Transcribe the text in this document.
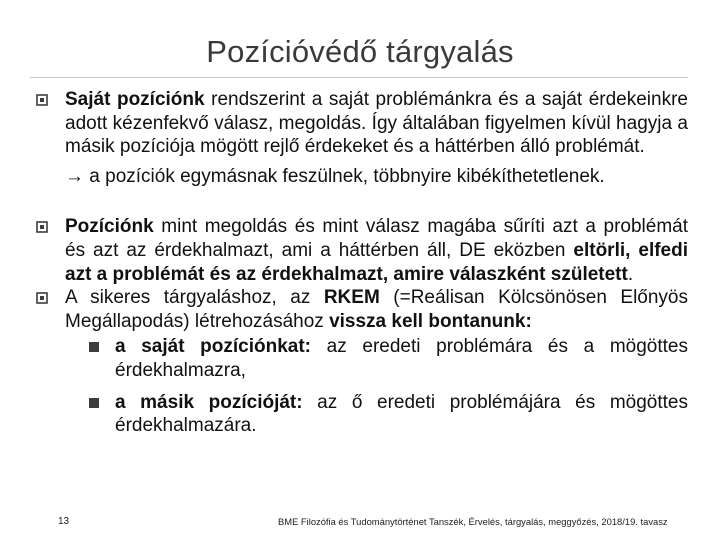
Pozícióvédő tárgyalás
Saját pozíciónk rendszerint a saját problémánkra és a saját érdekeinkre adott kézenfekvő válasz, megoldás. Így általában figyelmen kívül hagyja a másik pozíciója mögött rejlő érdekeket és a háttérben álló problémát.
→ a pozíciók egymásnak feszülnek, többnyire kibékíthetetlenek.
Pozíciónk mint megoldás és mint válasz magába sűríti azt a problémát és azt az érdekhalmazt, ami a háttérben áll, DE eközben eltörli, elfedi azt a problémát és az érdekhalmazt, amire válaszként született.
A sikeres tárgyaláshoz, az RKEM (=Reálisan Kölcsönösen Előnyös Megállapodás) létrehozásához vissza kell bontanunk:
a saját pozíciónkat: az eredeti problémára és a mögöttes érdekhalmazra,
a másik pozícióját: az ő eredeti problémájára és mögöttes érdekhalmazára.
13	BME Filozófia és Tudománytörténet Tanszék, Érvelés, tárgyalás, meggyőzés, 2018/19. tavasz
